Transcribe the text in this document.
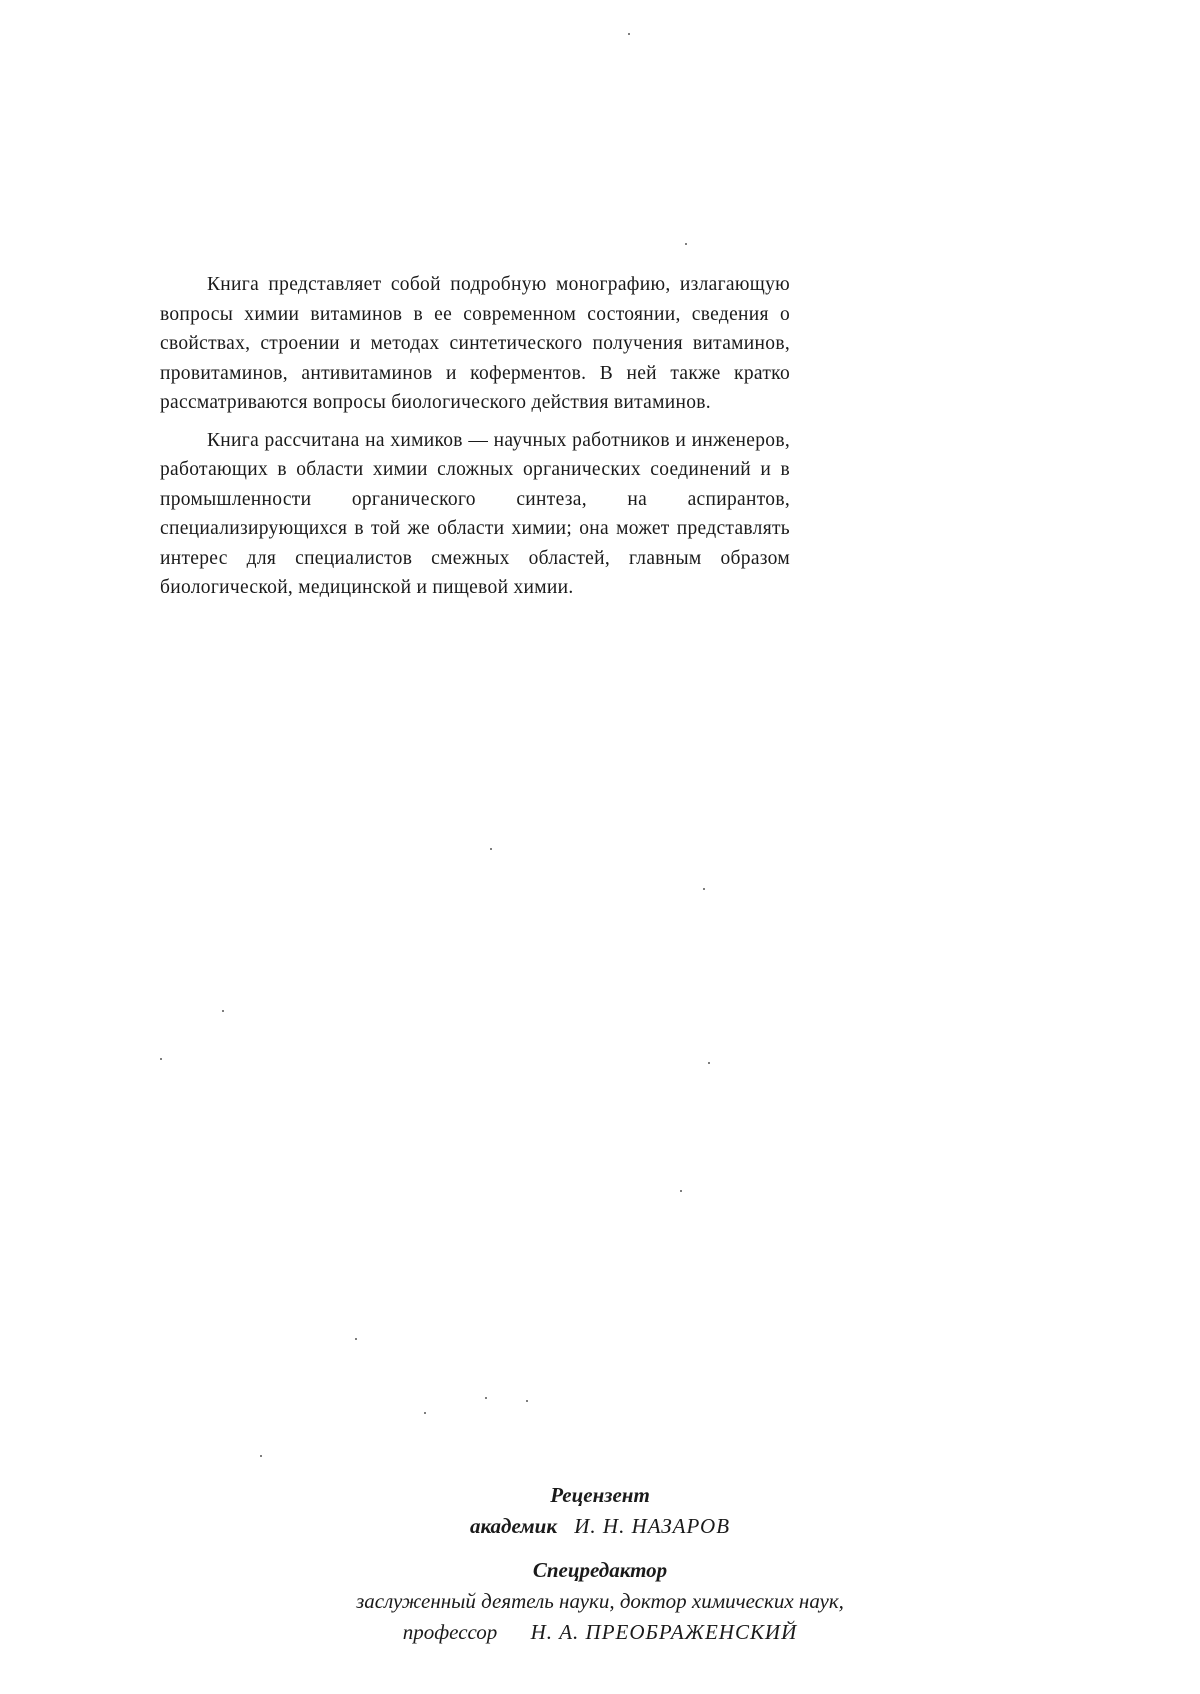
Книга представляет собой подробную монографию, излагающую вопросы химии витаминов в ее современном состоянии, сведения о свойствах, строении и методах синтетического получения витаминов, провитаминов, антивитаминов и коферментов. В ней также кратко рассматриваются вопросы биологического действия витаминов.

Книга рассчитана на химиков — научных работников и инженеров, работающих в области химии сложных органических соединений и в промышленности органического синтеза, на аспирантов, специализирующихся в той же области химии; она может представлять интерес для специалистов смежных областей, главным образом биологической, медицинской и пищевой химии.

Рецензент
академик И. Н. НАЗАРОВ
Спецредактор
заслуженный деятель науки, доктор химических наук,
профессор Н. А. ПРЕОБРАЖЕНСКИЙ
